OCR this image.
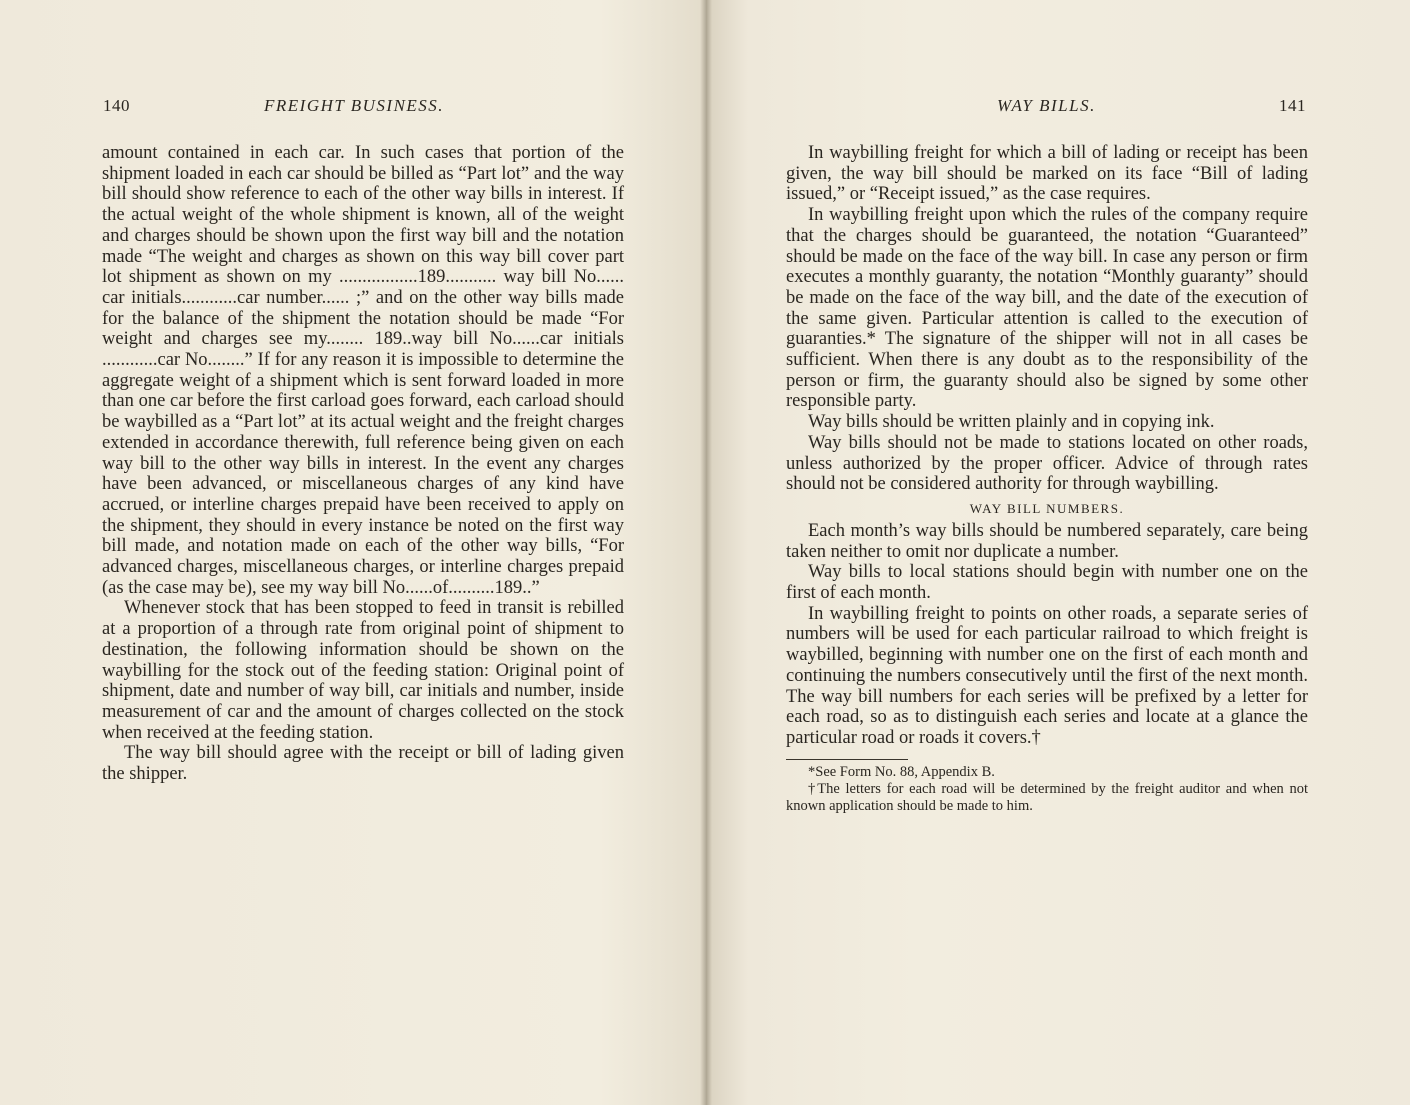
140	FREIGHT BUSINESS.

amount contained in each car. In such cases that portion of the shipment loaded in each car should be billed as “Part lot” and the way bill should show reference to each of the other way bills in interest. If the actual weight of the whole shipment is known, all of the weight and charges should be shown upon the first way bill and the notation made “The weight and charges as shown on this way bill cover part lot shipment as shown on my .................189........... way bill No...... car initials............car number...... ;” and on the other way bills made for the balance of the shipment the notation should be made “For weight and charges see my........ 189..way bill No......car initials ............car No........” If for any reason it is impossible to determine the aggregate weight of a shipment which is sent forward loaded in more than one car before the first carload goes forward, each carload should be waybilled as a “Part lot” at its actual weight and the freight charges extended in accordance therewith, full reference being given on each way bill to the other way bills in interest. In the event any charges have been advanced, or miscellaneous charges of any kind have accrued, or interline charges prepaid have been received to apply on the shipment, they should in every instance be noted on the first way bill made, and notation made on each of the other way bills, “For advanced charges, miscellaneous charges, or interline charges prepaid (as the case may be), see my way bill No......of..........189..”

Whenever stock that has been stopped to feed in transit is rebilled at a proportion of a through rate from original point of shipment to destination, the following information should be shown on the waybilling for the stock out of the feeding station: Original point of shipment, date and number of way bill, car initials and number, inside measurement of car and the amount of charges collected on the stock when received at the feeding station.

The way bill should agree with the receipt or bill of lading given the shipper.

WAY BILLS.	141

In waybilling freight for which a bill of lading or receipt has been given, the way bill should be marked on its face “Bill of lading issued,” or “Receipt issued,” as the case requires.

In waybilling freight upon which the rules of the company require that the charges should be guaranteed, the notation “Guaranteed” should be made on the face of the way bill. In case any person or firm executes a monthly guaranty, the notation “Monthly guaranty” should be made on the face of the way bill, and the date of the execution of the same given. Particular attention is called to the execution of guaranties.* The signature of the shipper will not in all cases be sufficient. When there is any doubt as to the responsibility of the person or firm, the guaranty should also be signed by some other responsible party.

Way bills should be written plainly and in copying ink.

Way bills should not be made to stations located on other roads, unless authorized by the proper officer. Advice of through rates should not be considered authority for through waybilling.

WAY BILL NUMBERS.

Each month’s way bills should be numbered separately, care being taken neither to omit nor duplicate a number.

Way bills to local stations should begin with number one on the first of each month.

In waybilling freight to points on other roads, a separate series of numbers will be used for each particular railroad to which freight is waybilled, beginning with number one on the first of each month and continuing the numbers consecutively until the first of the next month. The way bill numbers for each series will be prefixed by a letter for each road, so as to distinguish each series and locate at a glance the particular road or roads it covers.†

*See Form No. 88, Appendix B.

†The letters for each road will be determined by the freight auditor and when not known application should be made to him.
